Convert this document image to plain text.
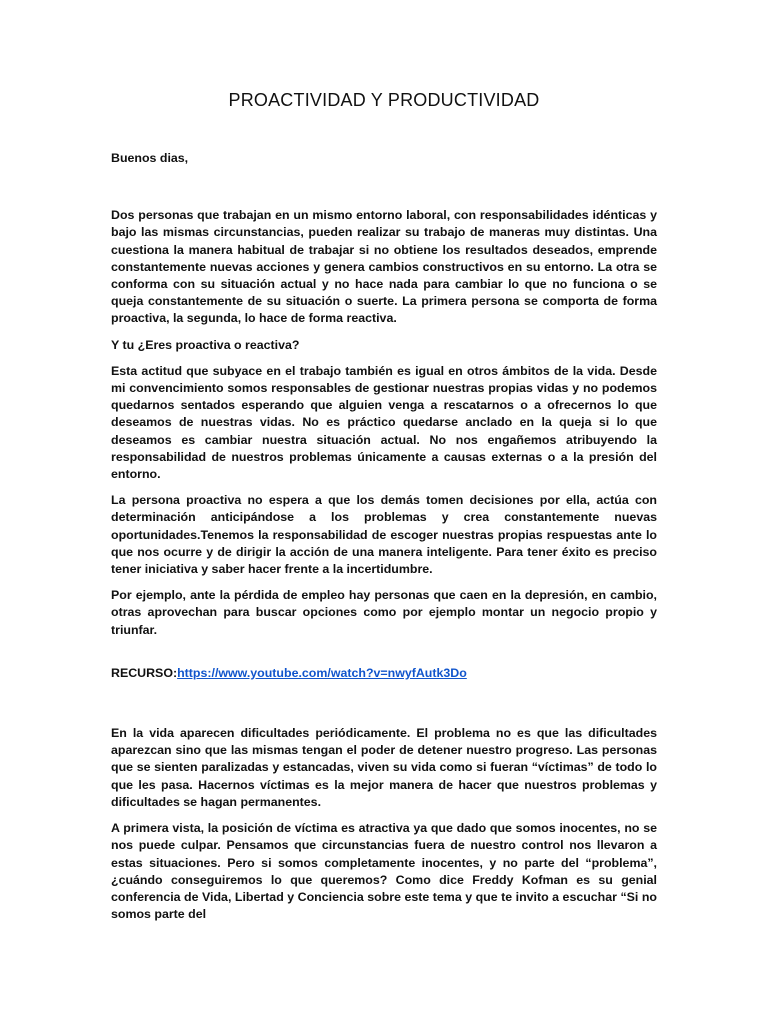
PROACTIVIDAD Y PRODUCTIVIDAD

Buenos dias,

Dos personas que trabajan en un mismo entorno laboral, con responsabilidades idénticas y bajo las mismas circunstancias, pueden realizar su trabajo de maneras muy distintas. Una cuestiona la manera habitual de trabajar si no obtiene los resultados deseados, emprende constantemente nuevas acciones y genera cambios constructivos en su entorno. La otra se conforma con su situación actual y no hace nada para cambiar lo que no funciona o se queja constantemente de su situación o suerte. La primera persona se comporta de forma proactiva, la segunda, lo hace de forma reactiva.

Y tu ¿Eres proactiva o reactiva?

Esta actitud que subyace en el trabajo también es igual en otros ámbitos de la vida. Desde mi convencimiento somos responsables de gestionar nuestras propias vidas y no podemos quedarnos sentados esperando que alguien venga a rescatarnos o a ofrecernos lo que deseamos de nuestras vidas. No es práctico quedarse anclado en la queja si lo que deseamos es cambiar nuestra situación actual. No nos engañemos atribuyendo la responsabilidad de nuestros problemas únicamente a causas externas o a la presión del entorno.

La persona proactiva no espera a que los demás tomen decisiones por ella, actúa con determinación anticipándose a los problemas y crea constantemente nuevas oportunidades.Tenemos la responsabilidad de escoger nuestras propias respuestas ante lo que nos ocurre y de dirigir la acción de una manera inteligente. Para tener éxito es preciso tener iniciativa y saber hacer frente a la incertidumbre.

Por ejemplo, ante la pérdida de empleo hay personas que caen en la depresión, en cambio, otras aprovechan para buscar opciones como por ejemplo montar un negocio propio y triunfar.

RECURSO:https://www.youtube.com/watch?v=nwyfAutk3Do

En la vida aparecen dificultades periódicamente. El problema no es que las dificultades aparezcan sino que las mismas tengan el poder de detener nuestro progreso. Las personas que se sienten paralizadas y estancadas, viven su vida como si fueran “víctimas” de todo lo que les pasa. Hacernos víctimas es la mejor manera de hacer que nuestros problemas y dificultades se hagan permanentes.

A primera vista, la posición de víctima es atractiva ya que dado que somos inocentes, no se nos puede culpar. Pensamos que circunstancias fuera de nuestro control nos llevaron a estas situaciones. Pero si somos completamente inocentes, y no parte del “problema”, ¿cuándo conseguiremos lo que queremos? Como dice Freddy Kofman es su genial conferencia de Vida, Libertad y Conciencia sobre este tema y que te invito a escuchar “Si no somos parte del
